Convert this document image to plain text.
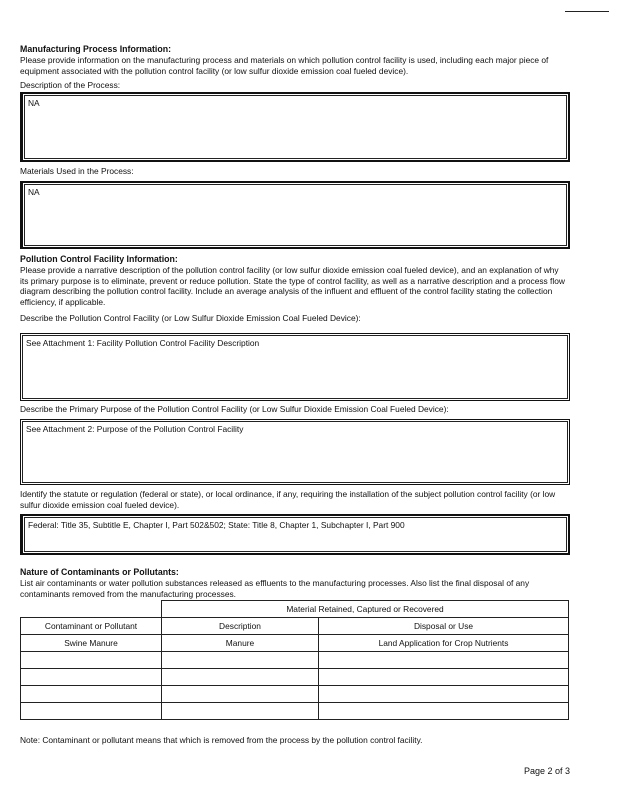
Manufacturing Process Information:
Please provide information on the manufacturing process and materials on which pollution control facility is used, including each major piece of equipment associated with the pollution control facility (or low sulfur dioxide emission coal fueled device).
Description of the Process:
NA
Materials Used in the Process:
NA
Pollution Control Facility Information:
Please provide a narrative description of the pollution control facility (or low sulfur dioxide emission coal fueled device), and an explanation of why its primary purpose is to eliminate, prevent or reduce pollution. State the type of control facility, as well as a narrative description and a process flow diagram describing the pollution control facility. Include an average analysis of the influent and effluent of the control facility stating the collection efficiency, if applicable.
Describe the Pollution Control Facility (or Low Sulfur Dioxide Emission Coal Fueled Device):
See Attachment 1: Facility Pollution Control Facility Description
Describe the Primary Purpose of the Pollution Control Facility (or Low Sulfur Dioxide Emission Coal Fueled Device):
See Attachment 2: Purpose of the Pollution Control Facility
Identify the statute or regulation (federal or state), or local ordinance, if any, requiring the installation of the subject pollution control facility (or low sulfur dioxide emission coal fueled device).
Federal: Title 35, Subtitle E, Chapter I, Part 502&502; State: Title 8, Chapter 1, Subchapter I, Part 900
Nature of Contaminants or Pollutants:
List air contaminants or water pollution substances released as effluents to the manufacturing processes. Also list the final disposal of any contaminants removed from the manufacturing processes.
	Material Retained, Captured or Recovered	
Contaminant or Pollutant	Description	Disposal or Use
Swine Manure	Manure	Land Application for Crop Nutrients

Note: Contaminant or pollutant means that which is removed from the process by the pollution control facility.
Page 2 of 3
